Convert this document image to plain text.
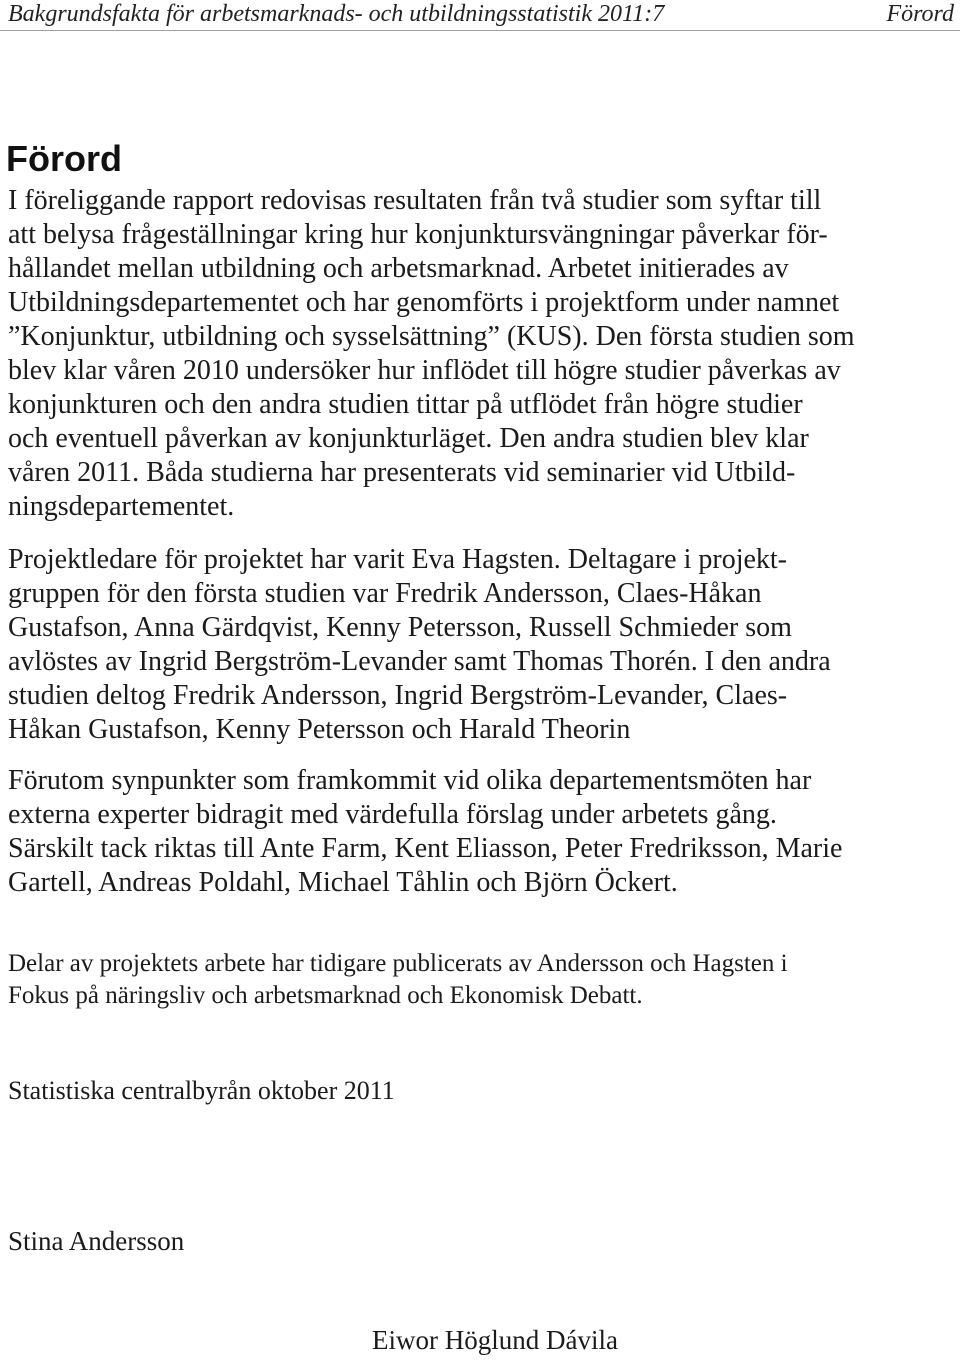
Bakgrundsfakta för arbetsmarknads- och utbildningsstatistik 2011:7	Förord
Förord
I föreliggande rapport redovisas resultaten från två studier som syftar till
att belysa frågeställningar kring hur konjunktursvängningar påverkar för-
hållandet mellan utbildning och arbetsmarknad. Arbetet initierades av
Utbildningsdepartementet och har genomförts i projektform under namnet
”Konjunktur, utbildning och sysselsättning” (KUS). Den första studien som
blev klar våren 2010 undersöker hur inflödet till högre studier påverkas av
konjunkturen och den andra studien tittar på utflödet från högre studier
och eventuell påverkan av konjunkturläget. Den andra studien blev klar
våren 2011. Båda studierna har presenterats vid seminarier vid Utbild-
ningsdepartementet.
Projektledare för projektet har varit Eva Hagsten. Deltagare i projekt-
gruppen för den första studien var Fredrik Andersson, Claes-Håkan
Gustafson, Anna Gärdqvist, Kenny Petersson, Russell Schmieder som
avlöstes av Ingrid Bergström-Levander samt Thomas Thorén. I den andra
studien deltog Fredrik Andersson, Ingrid Bergström-Levander, Claes-
Håkan Gustafson, Kenny Petersson och Harald Theorin
Förutom synpunkter som framkommit vid olika departementsmöten har
externa experter bidragit med värdefulla förslag under arbetets gång.
Särskilt tack riktas till Ante Farm, Kent Eliasson, Peter Fredriksson, Marie
Gartell, Andreas Poldahl, Michael Tåhlin och Björn Öckert.
Delar av projektets arbete har tidigare publicerats av Andersson och Hagsten i
Fokus på näringsliv och arbetsmarknad och Ekonomisk Debatt.
Statistiska centralbyrån oktober 2011
Stina Andersson
Eiwor Höglund Dávila
